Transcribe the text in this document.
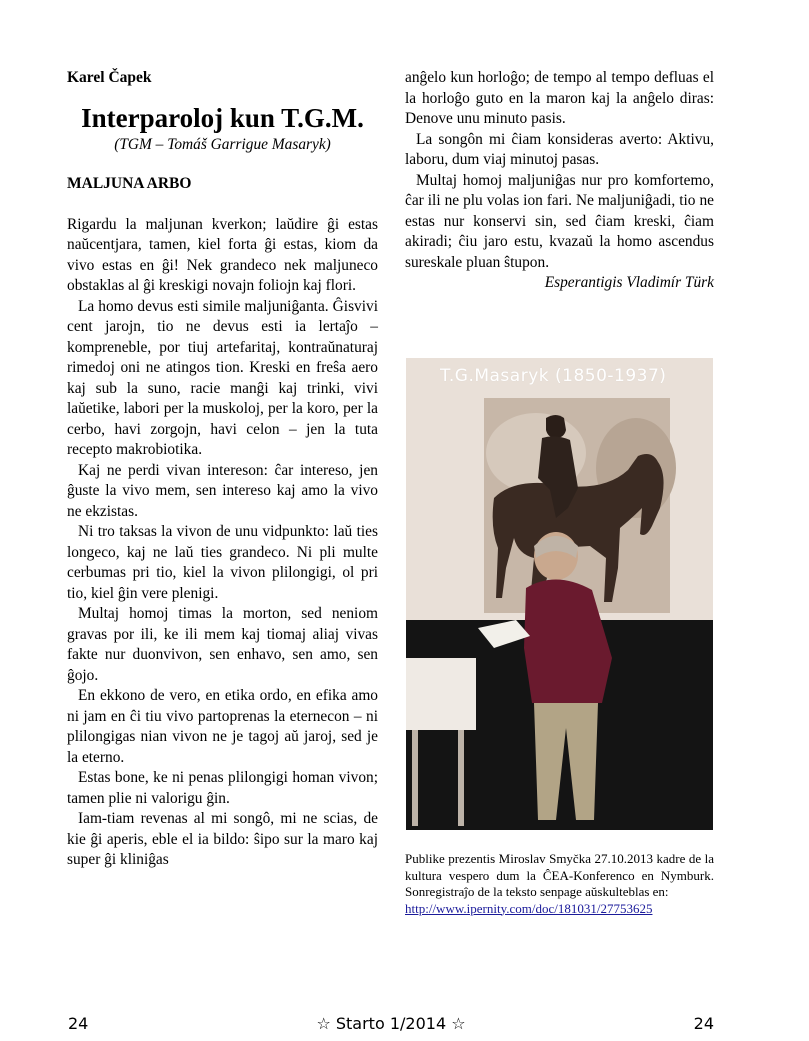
Karel Čapek

Interparoloj kun T.G.M.

(TGM – Tomáš Garrigue Masaryk)

MALJUNA ARBO

Rigardu la maljunan kverkon; laŭdire ĝi estas naŭcentjara, tamen, kiel forta ĝi estas, kiom da vivo estas en ĝi! Nek grandeco nek maljuneco obstaklas al ĝi kreskigi novajn foliojn kaj flori.

La homo devus esti simile maljuniĝanta. Ĝisvivi cent jarojn, tio ne devus esti ia lertaĵo – kompreneble, por tiuj artefaritaj, kontraŭnaturaj rimedoj oni ne atingos tion. Kreski en freŝa aero kaj sub la suno, racie manĝi kaj trinki, vivi laŭetike, labori per la muskoloj, per la koro, per la cerbo, havi zorgojn, havi celon – jen la tuta recepto makrobiotika.

Kaj ne perdi vivan intereson: ĉar intereso, jen ĝuste la vivo mem, sen intereso kaj amo la vivo ne ekzistas.

Ni tro taksas la vivon de unu vidpunkto: laŭ ties longeco, kaj ne laŭ ties grandeco. Ni pli multe cerbumas pri tio, kiel la vivon plilongigi, ol pri tio, kiel ĝin vere plenigi.

Multaj homoj timas la morton, sed neniom gravas por ili, ke ili mem kaj tiomaj aliaj vivas fakte nur duonvivon, sen enhavo, sen amo, sen ĝojo.

En ekkono de vero, en etika ordo, en efika amo ni jam en ĉi tiu vivo partoprenas la eternecon – ni plilongigas nian vivon ne je tagoj aŭ jaroj, sed je la eterno.

Estas bone, ke ni penas plilongigi homan vivon; tamen plie ni valorigu ĝin.

Iam-tiam revenas al mi songô, mi ne scias, de kie ĝi aperis, eble el ia bildo: ŝipo sur la maro kaj super ĝi kliniĝas

anĝelo kun horloĝo; de tempo al tempo defluas el la horloĝo guto en la maron kaj la anĝelo diras: Denove unu minuto pasis.

La songôn mi ĉiam konsideras averto: Aktivu, laboru, dum viaj minutoj pasas.

Multaj homoj maljuniĝas nur pro komfortemo, ĉar ili ne plu volas ion fari. Ne maljuniĝadi, tio ne estas nur konservi sin, sed ĉiam kreski, ĉiam akiradi; ĉiu jaro estu, kvazaŭ la homo ascendus sureskale pluan ŝtupon.

Esperantigis Vladimír Türk

T.G.Masaryk (1850-1937)
Publike prezentis Miroslav Smyčka 27.10.2013 kadre de la kultura vespero dum la ĈEA-Konferenco en Nymburk. Sonregistraĵo de la teksto senpage aŭskulteblas en:
http://www.ipernity.com/doc/181031/27753625
☆ Starto 1/2014 ☆
24	24
